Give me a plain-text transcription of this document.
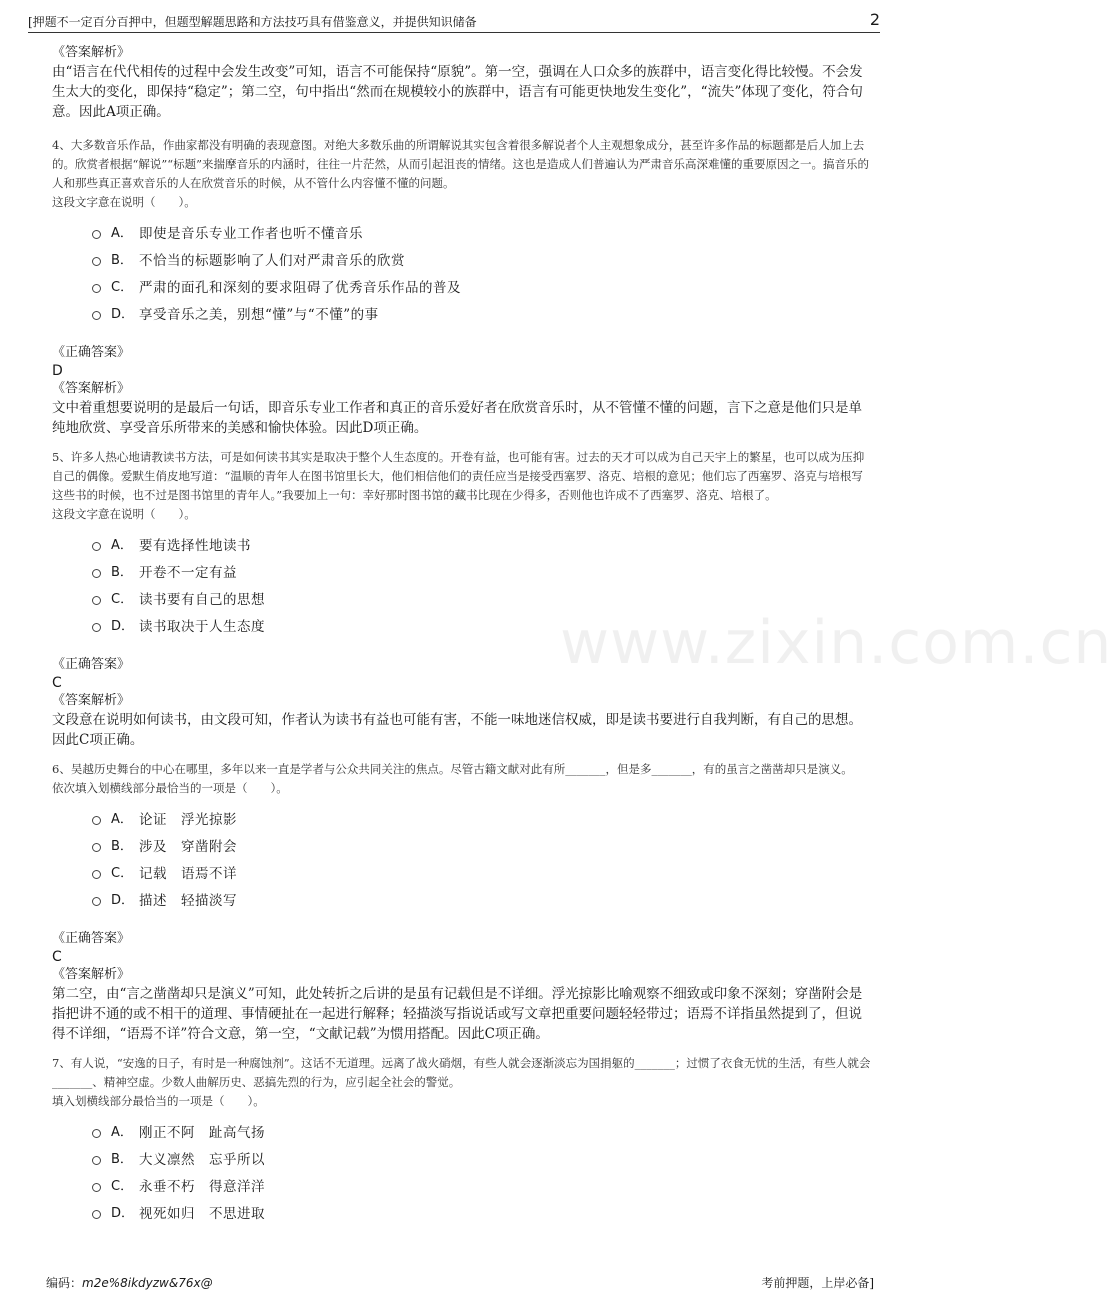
[押题不一定百分百押中，但题型解题思路和方法技巧具有借鉴意义，并提供知识储备	2
www.zixin.com.cn
《答案解析》

由“语言在代代相传的过程中会发生改变”可知，语言不可能保持“原貌”。第一空，强调在人口众多的族群中，语言变化得比较慢。不会发生太大的变化，即保持“稳定”；第二空，句中指出“然而在规模较小的族群中，语言有可能更快地发生变化”，“流失”体现了变化，符合句意。因此A项正确。

4、大多数音乐作品，作曲家都没有明确的表现意图。对绝大多数乐曲的所谓解说其实包含着很多解说者个人主观想象成分，甚至许多作品的标题都是后人加上去的。欣赏者根据“解说”“标题”来揣摩音乐的内涵时，往往一片茫然，从而引起沮丧的情绪。这也是造成人们普遍认为严肃音乐高深难懂的重要原因之一。搞音乐的人和那些真正喜欢音乐的人在欣赏音乐的时候，从不管什么内容懂不懂的问题。

这段文字意在说明（　　）。
A． 即使是音乐专业工作者也听不懂音乐
B． 不恰当的标题影响了人们对严肃音乐的欣赏
C． 严肃的面孔和深刻的要求阻碍了优秀音乐作品的普及
D． 享受音乐之美，别想“懂”与“不懂”的事
《正确答案》
D
《答案解析》

文中着重想要说明的是最后一句话，即音乐专业工作者和真正的音乐爱好者在欣赏音乐时，从不管懂不懂的问题，言下之意是他们只是单纯地欣赏、享受音乐所带来的美感和愉快体验。因此D项正确。

5、许多人热心地请教读书方法，可是如何读书其实是取决于整个人生态度的。开卷有益，也可能有害。过去的天才可以成为自己天宇上的繁星，也可以成为压抑自己的偶像。爱默生俏皮地写道：“温顺的青年人在图书馆里长大，他们相信他们的责任应当是接受西塞罗、洛克、培根的意见；他们忘了西塞罗、洛克与培根写这些书的时候，也不过是图书馆里的青年人。”我要加上一句：幸好那时图书馆的藏书比现在少得多，否则他也许成不了西塞罗、洛克、培根了。

这段文字意在说明（　　）。
A． 要有选择性地读书
B． 开卷不一定有益
C． 读书要有自己的思想
D． 读书取决于人生态度
《正确答案》
C
《答案解析》

文段意在说明如何读书，由文段可知，作者认为读书有益也可能有害，不能一味地迷信权威，即是读书要进行自我判断，有自己的思想。因此C项正确。

6、吴越历史舞台的中心在哪里，多年以来一直是学者与公众共同关注的焦点。尽管古籍文献对此有所_______，但是多_______，有的虽言之凿凿却只是演义。

依次填入划横线部分最恰当的一项是（　　）。
A． 论证　浮光掠影
B． 涉及　穿凿附会
C． 记载　语焉不详
D． 描述　轻描淡写
《正确答案》
C
《答案解析》

第二空，由“言之凿凿却只是演义”可知，此处转折之后讲的是虽有记载但是不详细。浮光掠影比喻观察不细致或印象不深刻；穿凿附会是指把讲不通的或不相干的道理、事情硬扯在一起进行解释；轻描淡写指说话或写文章把重要问题轻轻带过；语焉不详指虽然提到了，但说得不详细，“语焉不详”符合文意，第一空，“文献记载”为惯用搭配。因此C项正确。

7、有人说，“安逸的日子，有时是一种腐蚀剂”。这话不无道理。远离了战火硝烟，有些人就会逐渐淡忘为国捐躯的_______；过惯了衣食无忧的生活，有些人就会_______、精神空虚。少数人曲解历史、恶搞先烈的行为，应引起全社会的警觉。

填入划横线部分最恰当的一项是（　　）。
A． 刚正不阿　趾高气扬
B． 大义凛然　忘乎所以
C． 永垂不朽　得意洋洋
D． 视死如归　不思进取
编码：m2e%8ikdyzw&76x@	考前押题，上岸必备]
